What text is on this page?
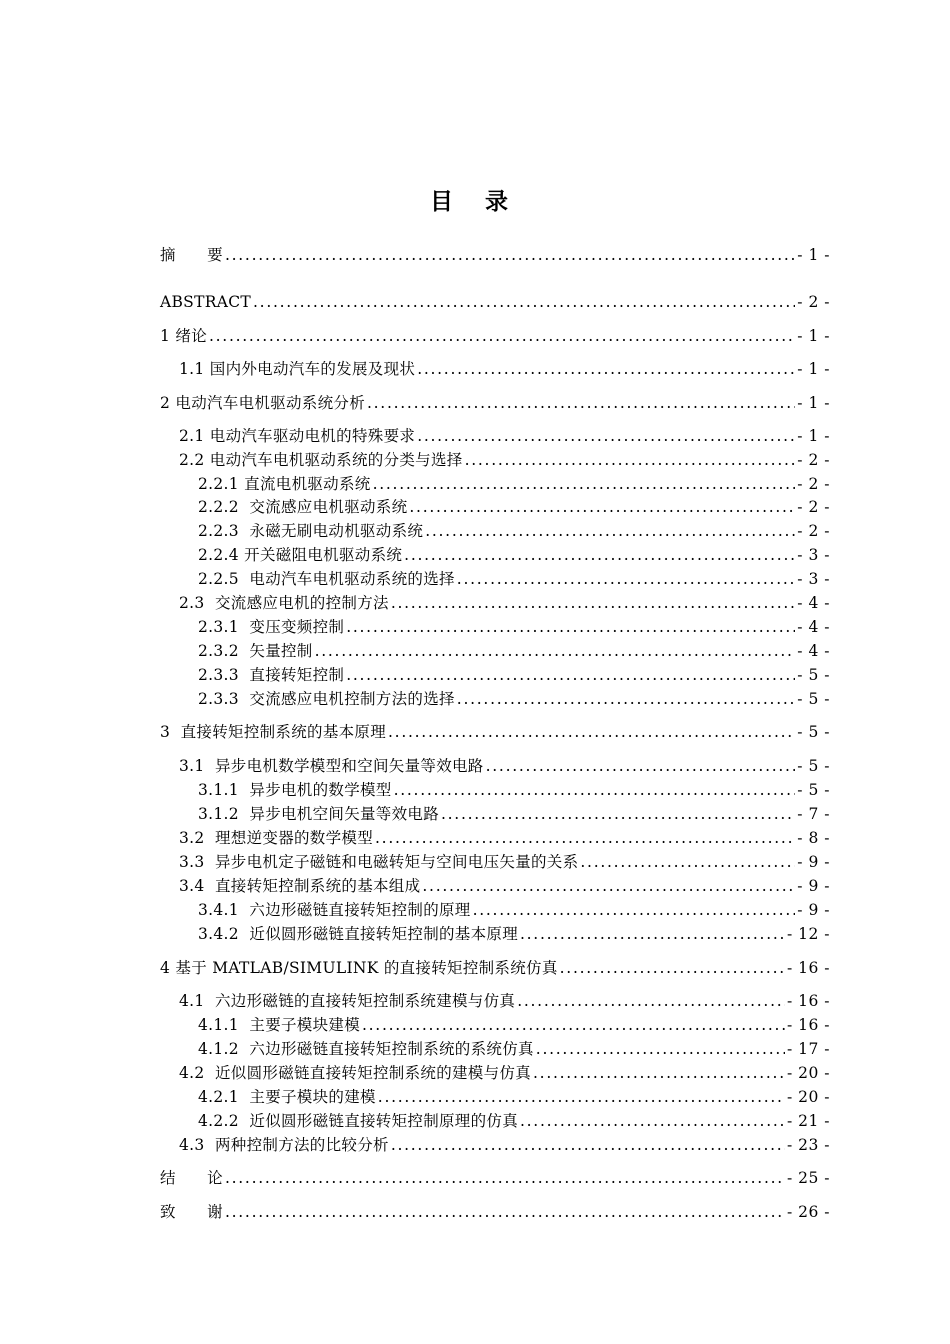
目 录
摘      要 . . .	- 1 -
ABSTRACT . . .	- 2 -
1 绪论 . . .	- 1 -
1.1 国内外电动汽车的发展及现状 . . .	- 1 -
2 电动汽车电机驱动系统分析 . . .	- 1 -
2.1 电动汽车驱动电机的特殊要求 . . .	- 1 -
2.2 电动汽车电机驱动系统的分类与选择 . . .	- 2 -
2.2.1 直流电机驱动系统 . . .	- 2 -
2.2.2  交流感应电机驱动系统 . . .	- 2 -
2.2.3  永磁无刷电动机驱动系统 . . .	- 2 -
2.2.4 开关磁阻电机驱动系统 . . .	- 3 -
2.2.5  电动汽车电机驱动系统的选择 . . .	- 3 -
2.3  交流感应电机的控制方法 . . .	- 4 -
2.3.1  变压变频控制 . . .	- 4 -
2.3.2  矢量控制 . . .	- 4 -
2.3.3  直接转矩控制 . . .	- 5 -
2.3.3  交流感应电机控制方法的选择 . . .	- 5 -
3  直接转矩控制系统的基本原理 . . .	- 5 -
3.1  异步电机数学模型和空间矢量等效电路 . . .	- 5 -
3.1.1  异步电机的数学模型 . . .	- 5 -
3.1.2  异步电机空间矢量等效电路 . . .	- 7 -
3.2  理想逆变器的数学模型 . . .	- 8 -
3.3  异步电机定子磁链和电磁转矩与空间电压矢量的关系 . . .	- 9 -
3.4  直接转矩控制系统的基本组成 . . .	- 9 -
3.4.1  六边形磁链直接转矩控制的原理 . . .	- 9 -
3.4.2  近似圆形磁链直接转矩控制的基本原理 . . .	- 12 -
4 基于 MATLAB/SIMULINK 的直接转矩控制系统仿真 . . .	- 16 -
4.1  六边形磁链的直接转矩控制系统建模与仿真 . . .	- 16 -
4.1.1  主要子模块建模 . . .	- 16 -
4.1.2  六边形磁链直接转矩控制系统的系统仿真 . . .	- 17 -
4.2  近似圆形磁链直接转矩控制系统的建模与仿真 . . .	- 20 -
4.2.1  主要子模块的建模 . . .	- 20 -
4.2.2  近似圆形磁链直接转矩控制原理的仿真 . . .	- 21 -
4.3  两种控制方法的比较分析 . . .	- 23 -
结      论 . . .	- 25 -
致      谢 . . .	- 26 -
